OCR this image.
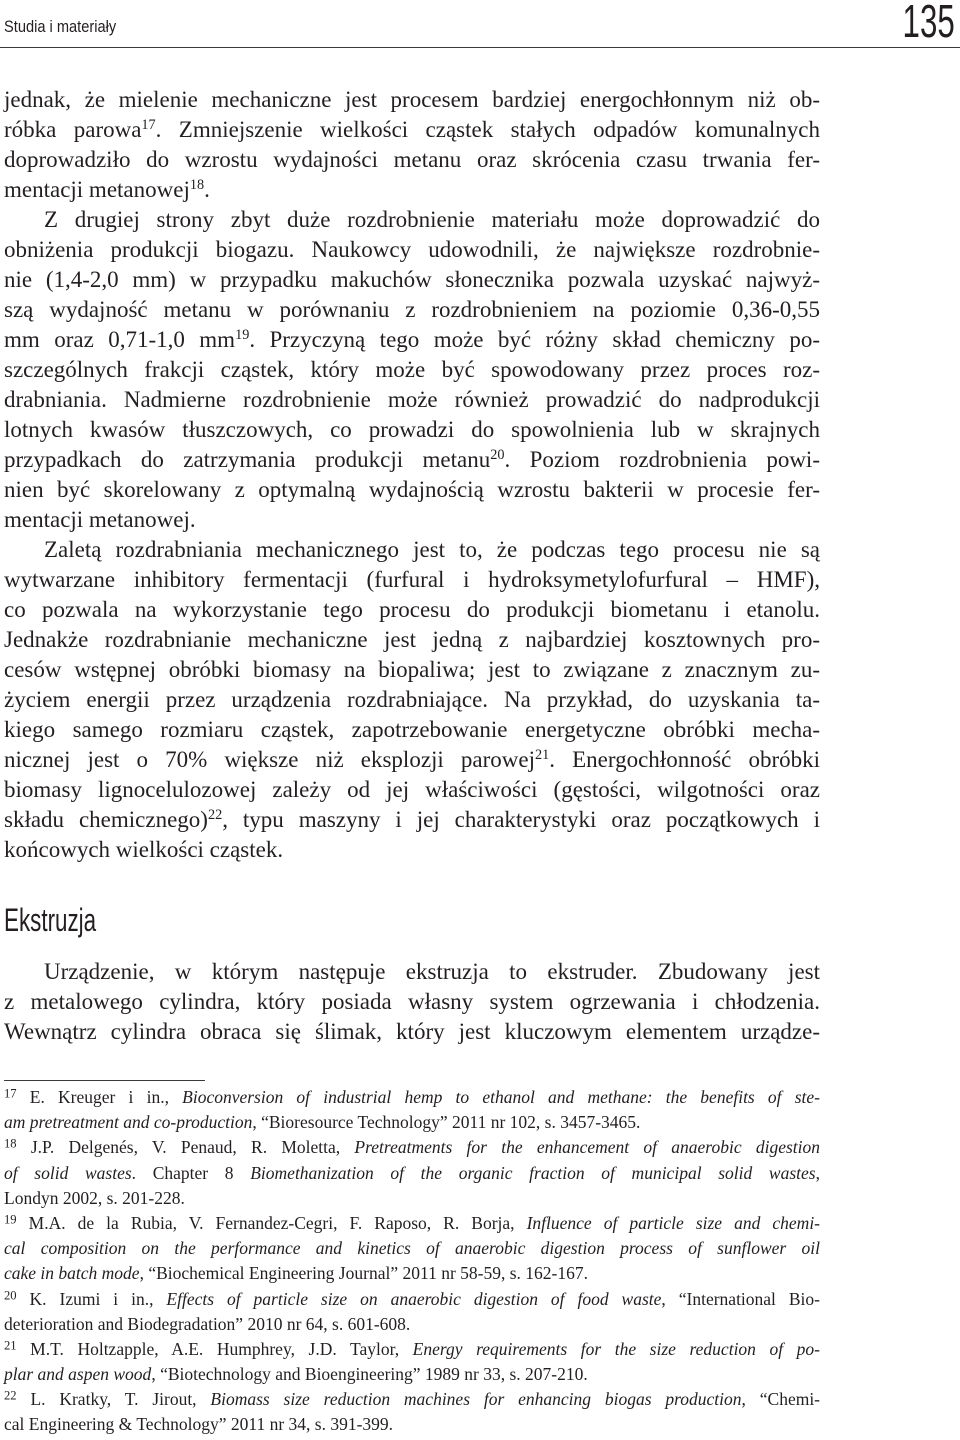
Studia i materiały	135
jednak, że mielenie mechaniczne jest procesem bardziej energochłonnym niż ob-
róbka parowa$^{17}$. Zmniejszenie wielkości cząstek stałych odpadów komunalnych
doprowadziło do wzrostu wydajności metanu oraz skrócenia czasu trwania fer-
mentacji metanowej$^{18}$.
Z drugiej strony zbyt duże rozdrobnienie materiału może doprowadzić do
obniżenia produkcji biogazu. Naukowcy udowodnili, że największe rozdrobnie-
nie (1,4-2,0 mm) w przypadku makuchów słonecznika pozwala uzyskać najwyż-
szą wydajność metanu w porównaniu z rozdrobnieniem na poziomie 0,36-0,55
mm oraz 0,71-1,0 $mm^{19}$. Przyczyną tego może być różny skład chemiczny po-
szczególnych frakcji cząstek, który może być spowodowany przez proces roz-
drabniania. Nadmierne rozdrobnienie może również prowadzić do nadprodukcji
lotnych kwasów tłuszczowych, co prowadzi do spowolnienia lub w skrajnych
przypadkach do zatrzymania produkcji metanu$^{20}$. Poziom rozdrobnienia powi-
nien być skorelowany z optymalną wydajnością wzrostu bakterii w procesie fer-
mentacji metanowej.
Zaletą rozdrabniania mechanicznego jest to, że podczas tego procesu nie są
wytwarzane inhibitory fermentacji (furfural i hydroksymetylofurfural – HMF),
co pozwala na wykorzystanie tego procesu do produkcji biometanu i etanolu.
Jednakże rozdrabnianie mechaniczne jest jedną z najbardziej kosztownych pro-
cesów wstępnej obróbki biomasy na biopaliwa; jest to związane z znacznym zu-
życiem energii przez urządzenia rozdrabniające. Na przykład, do uzyskania ta-
kiego samego rozmiaru cząstek, zapotrzebowanie energetyczne obróbki mecha-
nicznej jest o 70% większe niż eksplozji parowej$^{21}$. Energochłonność obróbki
biomasy lignocelulozowej zależy od jej właściwości (gęstości, wilgotności oraz
składu chemicznego)$^{22}$, typu maszyny i jej charakterystyki oraz początkowych i
końcowych wielkości cząstek.
Ekstruzja
Urządzenie, w którym następuje ekstruzja to ekstruder. Zbudowany jest
z metalowego cylindra, który posiada własny system ogrzewania i chłodzenia.
Wewnątrz cylindra obraca się ślimak, który jest kluczowym elementem urządze-
$^{17}$ E. Kreuger i in., Bioconversion of industrial hemp to ethanol and methane: the benefits of ste-
am pretreatment and co-production, “Bioresource Technology” 2011 nr 102, s. 3457-3465.
$^{18}$ J.P. Delgenés, V. Penaud, R. Moletta, Pretreatments for the enhancement of anaerobic digestion
of solid wastes. Chapter 8 Biomethanization of the organic fraction of municipal solid wastes,
Londyn 2002, s. 201-228.
$^{19}$ M.A. de la Rubia, V. Fernandez-Cegri, F. Raposo, R. Borja, Influence of particle size and chemi-
cal composition on the performance and kinetics of anaerobic digestion process of sunflower oil
cake in batch mode, “Biochemical Engineering Journal” 2011 nr 58-59, s. 162-167.
$^{20}$ K. Izumi i in., Effects of particle size on anaerobic digestion of food waste, “International Bio-
deterioration and Biodegradation” 2010 nr 64, s. 601-608.
$^{21}$ M.T. Holtzapple, A.E. Humphrey, J.D. Taylor, Energy requirements for the size reduction of po-
plar and aspen wood, “Biotechnology and Bioengineering” 1989 nr 33, s. 207-210.
$^{22}$ L. Kratky, T. Jirout, Biomass size reduction machines for enhancing biogas production, “Chemi-
cal Engineering & Technology” 2011 nr 34, s. 391-399.
